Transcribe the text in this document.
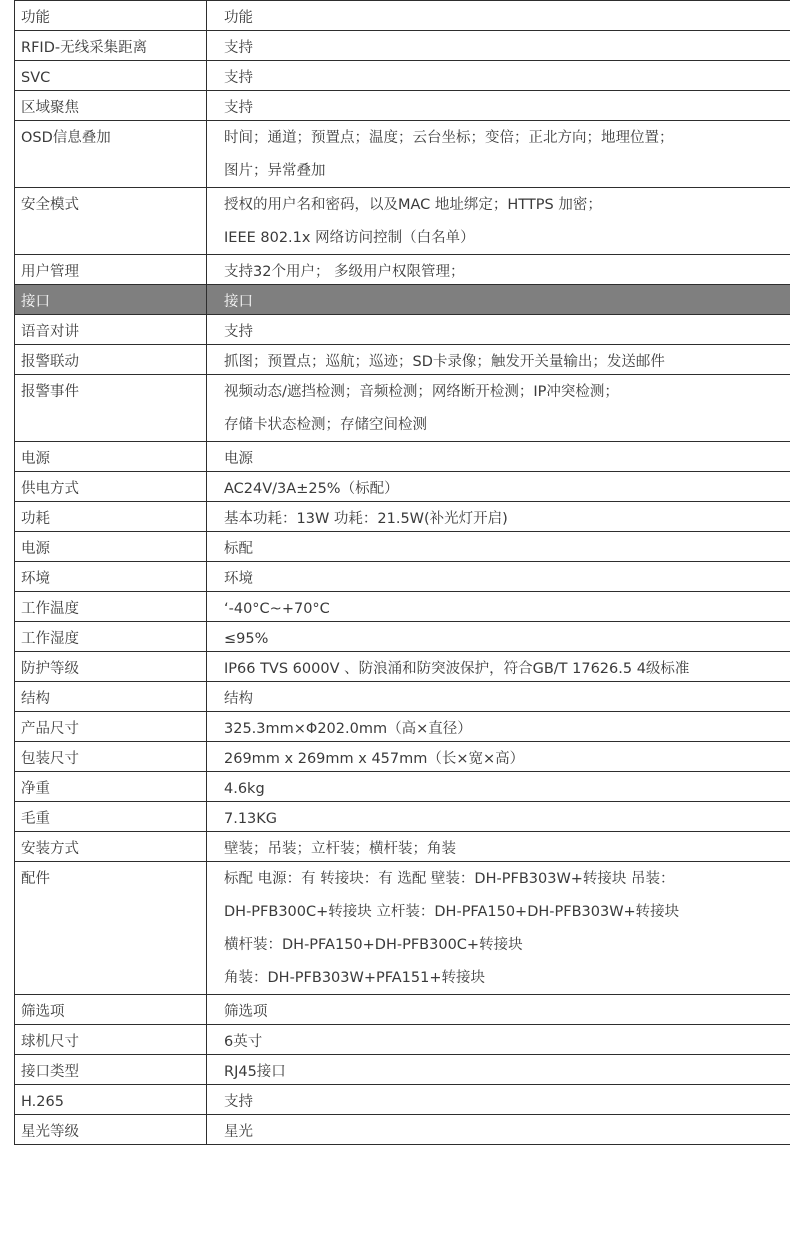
功能	功能

RFID-无线采集距离	支持

SVC	支持

区域聚焦	支持

OSD信息叠加	时间；通道；预置点；温度；云台坐标；变倍；正北方向；地理位置；
图片；异常叠加

安全模式	授权的用户名和密码，以及MAC 地址绑定；HTTPS 加密；
IEEE 802.1x 网络访问控制（白名单）

用户管理	支持32个用户； 多级用户权限管理；

接口	接口

语音对讲	支持

报警联动	抓图；预置点；巡航；巡迹；SD卡录像；触发开关量输出；发送邮件

报警事件	视频动态/遮挡检测；音频检测；网络断开检测；IP冲突检测；
存储卡状态检测；存储空间检测

电源	电源

供电方式	AC24V/3A±25%（标配）

功耗	基本功耗：13W 功耗：21.5W(补光灯开启)

电源	标配

环境	环境

工作温度	‘-40°C~+70°C

工作湿度	≤95%

防护等级	IP66 TVS 6000V 、防浪涌和防突波保护，符合GB/T 17626.5 4级标准

结构	结构

产品尺寸	325.3mm×Φ202.0mm（高×直径）

包装尺寸	269mm x 269mm x 457mm（长×宽×高）

净重	4.6kg

毛重	7.13KG

安装方式	壁装；吊装；立杆装；横杆装；角装

配件	标配 电源：有 转接块：有 选配 壁装：DH-PFB303W+转接块 吊装：
DH-PFB300C+转接块 立杆装：DH-PFA150+DH-PFB303W+转接块
横杆装：DH-PFA150+DH-PFB300C+转接块
角装：DH-PFB303W+PFA151+转接块

筛选项	筛选项

球机尺寸	6英寸

接口类型	RJ45接口

H.265	支持

星光等级	星光
